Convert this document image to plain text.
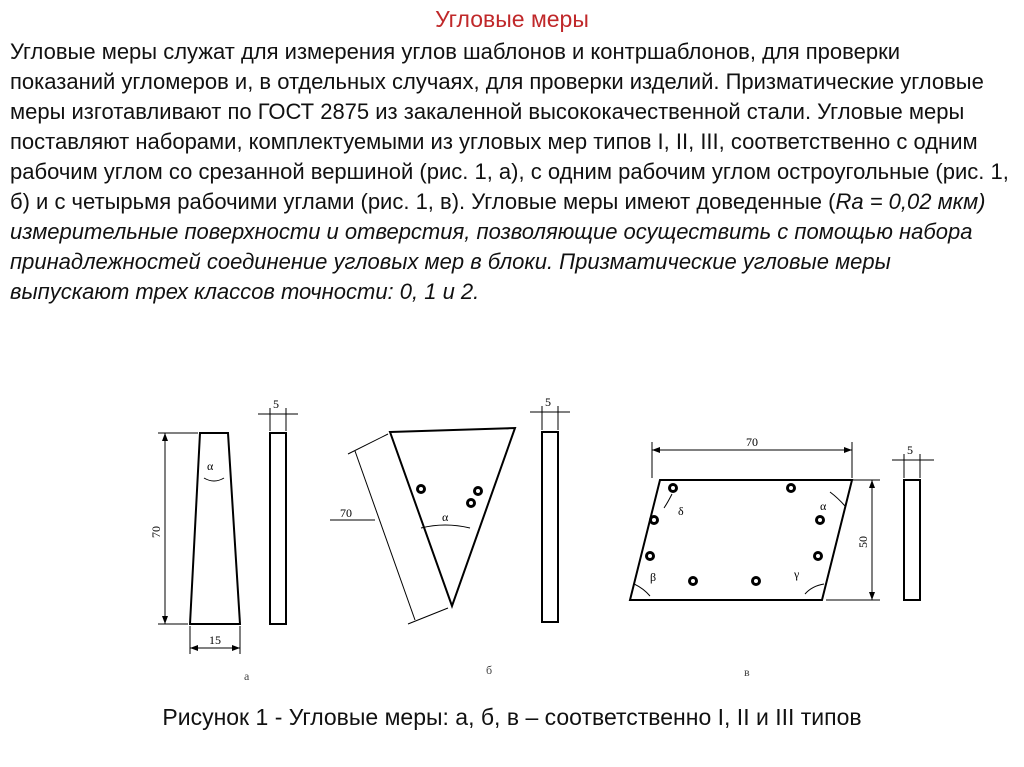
Угловые меры

Угловые меры служат для измерения углов шаблонов и контршаблонов, для проверки показаний угломеров и, в отдельных случаях, для проверки изделий. Призматические угловые меры изготавливают по ГОСТ 2875 из закаленной высококачественной стали. Угловые меры поставляют наборами, комплектуемыми из угловых мер типов I, II, III, соответственно с одним рабочим углом со срезанной вершиной (рис. 1, а), с одним рабочим углом остроугольные (рис. 1, б) и с четырьмя рабочими углами (рис. 1, в). Угловые меры имеют доведенные (Ra = 0,02 мкм) измерительные поверхности и отверстия, позволяющие осуществить с помощью набора принадлежностей соединение угловых мер в блоки. Призматические угловые меры выпускают трех классов точности: 0, 1 и 2.

α
70
15
5
а
α
70
5
б
δ	α
β	γ
70
50
5
в
Рисунок 1 - Угловые меры: а, б, в – соответственно I, II и III типов
